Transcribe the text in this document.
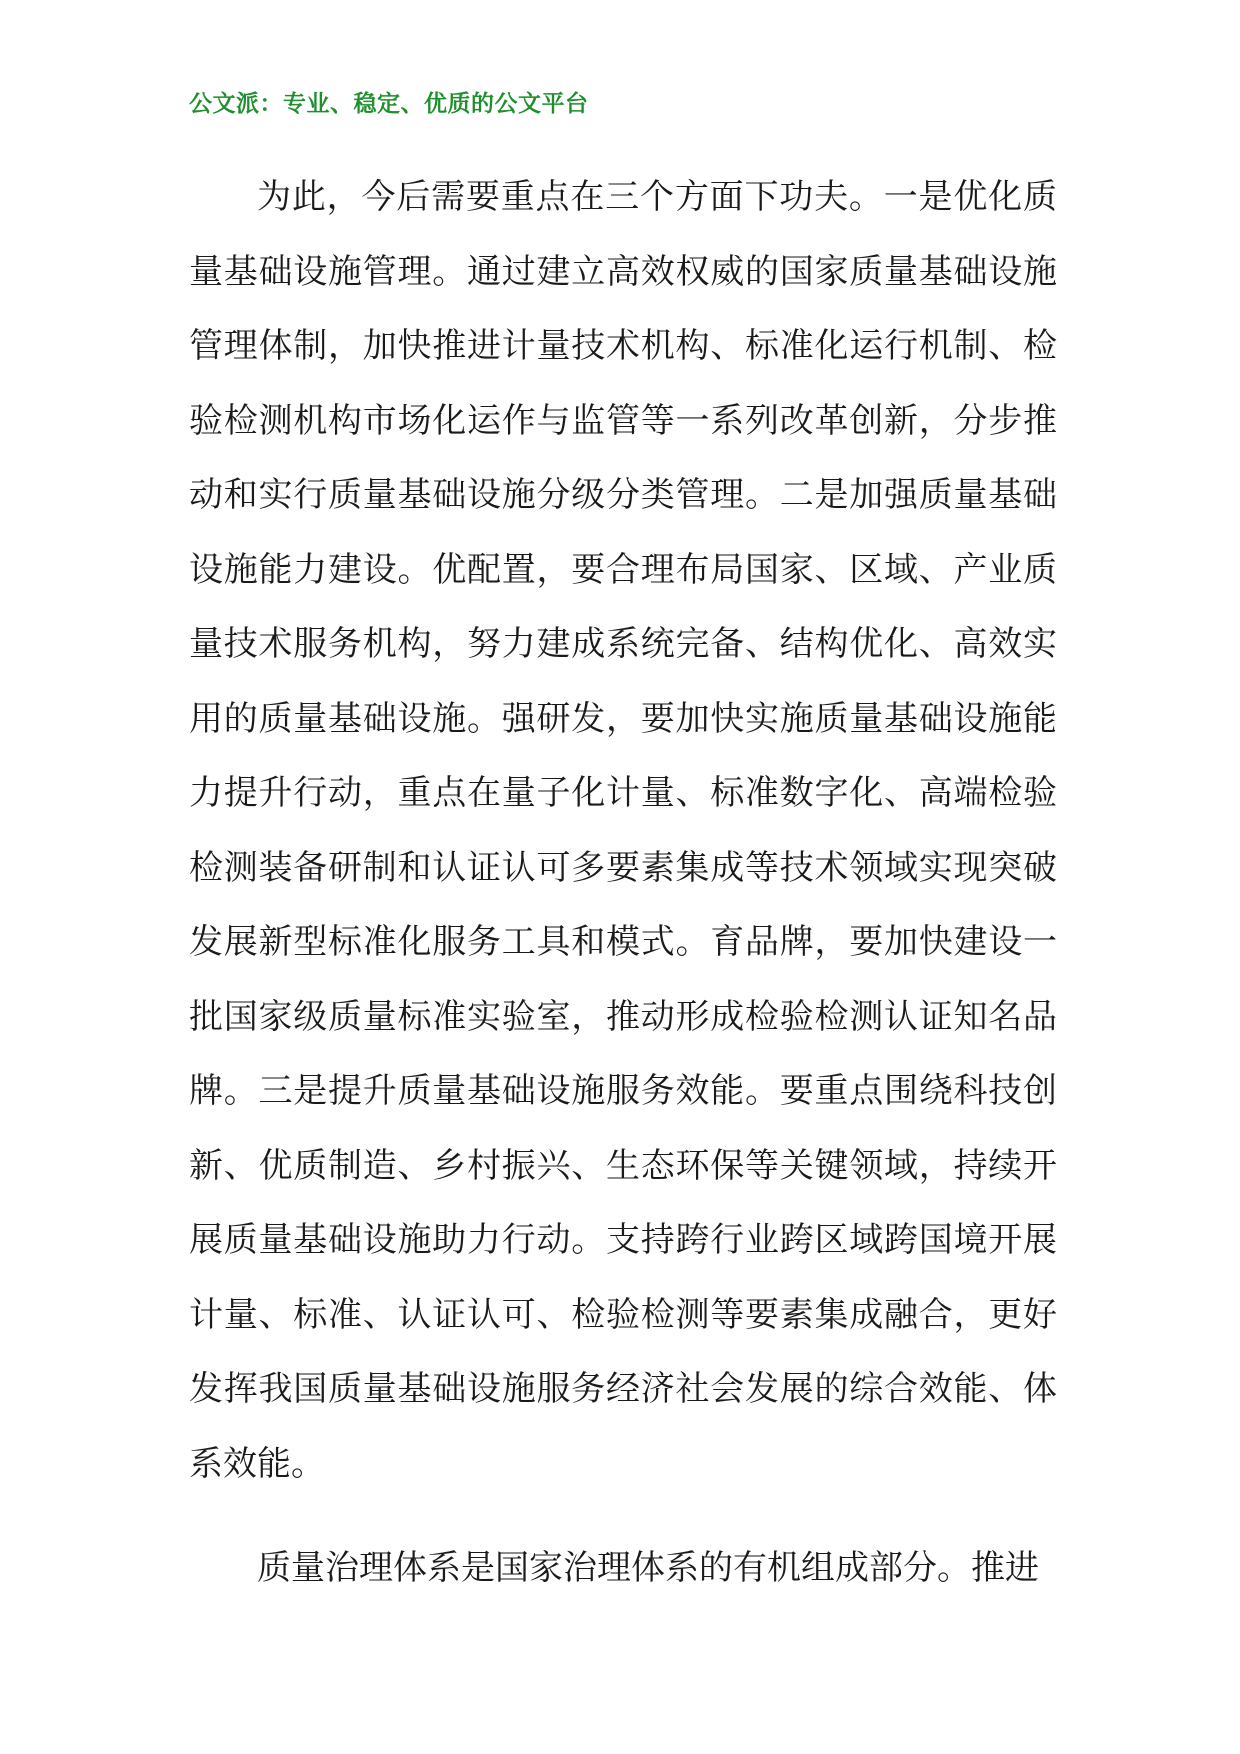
公文派：专业、稳定、优质的公文平台

为此，今后需要重点在三个方面下功夫。一是优化质量基础设施管理。通过建立高效权威的国家质量基础设施管理体制，加快推进计量技术机构、标准化运行机制、检验检测机构市场化运作与监管等一系列改革创新，分步推动和实行质量基础设施分级分类管理。二是加强质量基础设施能力建设。优配置，要合理布局国家、区域、产业质量技术服务机构，努力建成系统完备、结构优化、高效实用的质量基础设施。强研发，要加快实施质量基础设施能力提升行动，重点在量子化计量、标准数字化、高端检验检测装备研制和认证认可多要素集成等技术领域实现突破发展新型标准化服务工具和模式。育品牌，要加快建设一批国家级质量标准实验室，推动形成检验检测认证知名品牌。三是提升质量基础设施服务效能。要重点围绕科技创新、优质制造、乡村振兴、生态环保等关键领域，持续开展质量基础设施助力行动。支持跨行业跨区域跨国境开展计量、标准、认证认可、检验检测等要素集成融合，更好发挥我国质量基础设施服务经济社会发展的综合效能、体系效能。

质量治理体系是国家治理体系的有机组成部分。推进
